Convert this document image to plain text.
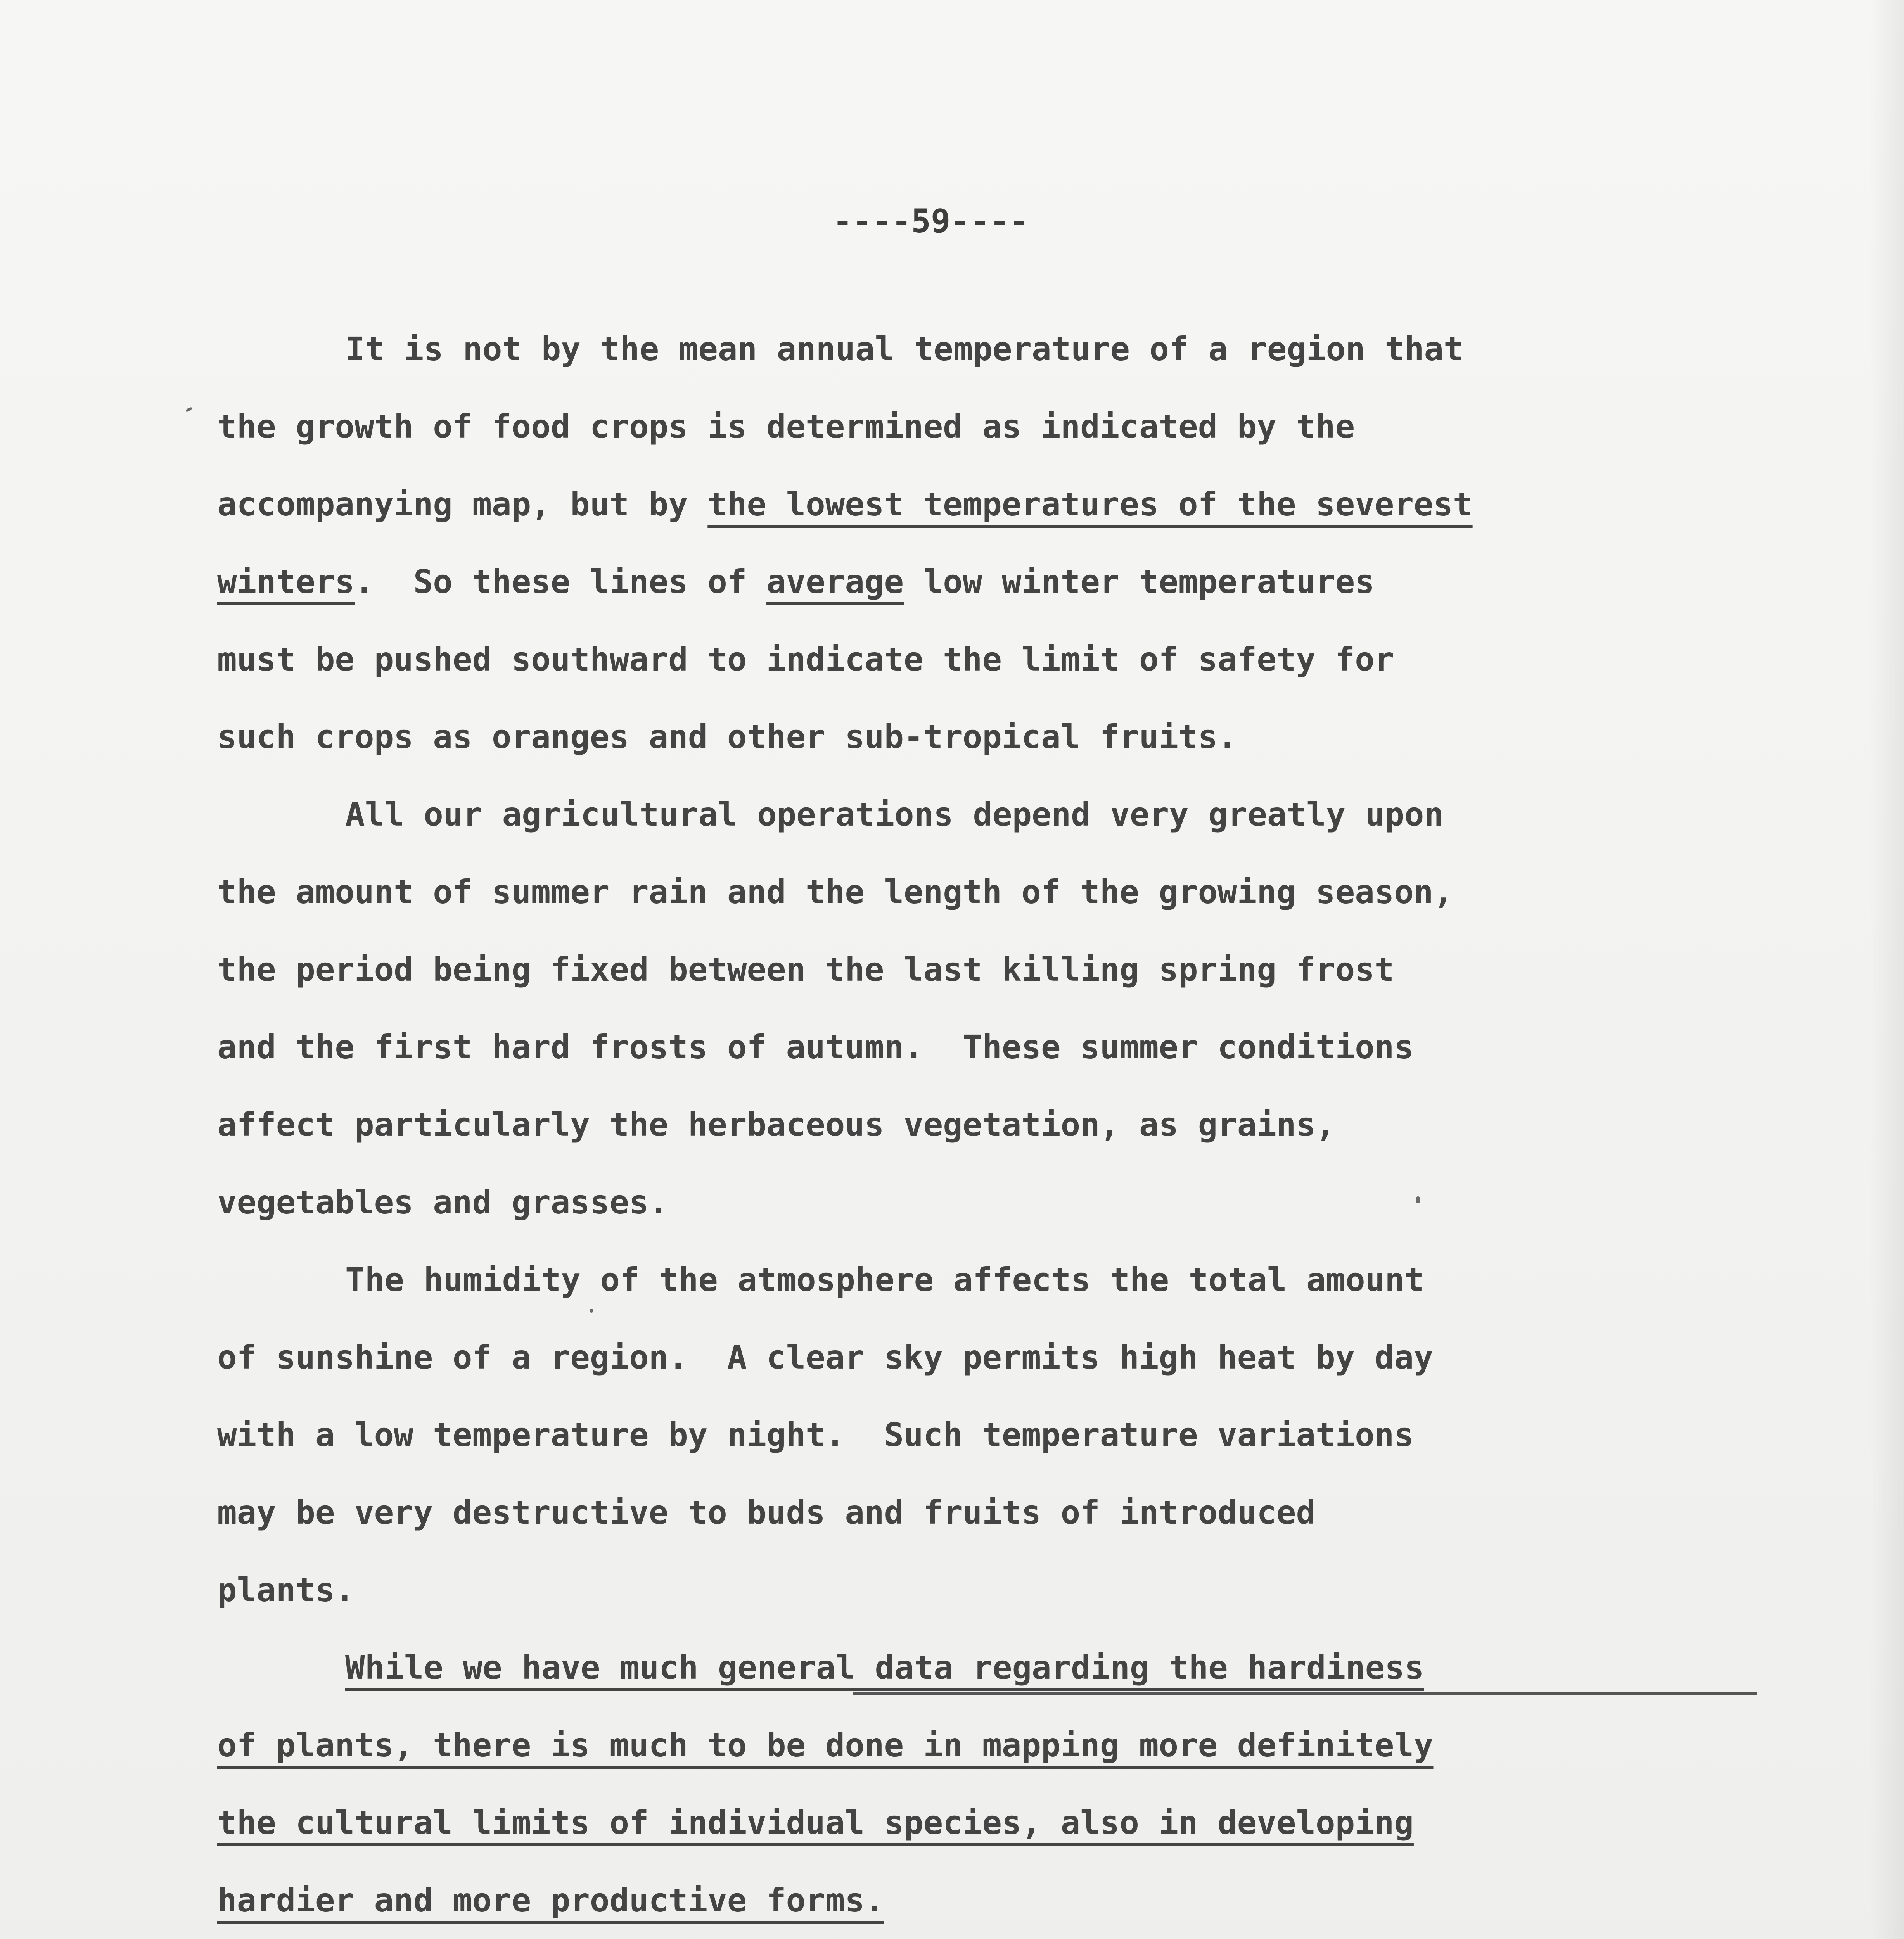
----59----
It is not by the mean annual temperature of a region that
the growth of food crops is determined as indicated by the
accompanying map, but by the lowest temperatures of the severest
winters.  So these lines of average low winter temperatures
must be pushed southward to indicate the limit of safety for
such crops as oranges and other sub-tropical fruits.
All our agricultural operations depend very greatly upon
the amount of summer rain and the length of the growing season,
the period being fixed between the last killing spring frost
and the first hard frosts of autumn.  These summer conditions
affect particularly the herbaceous vegetation, as grains,
vegetables and grasses.
The humidity of the atmosphere affects the total amount
of sunshine of a region.  A clear sky permits high heat by day
with a low temperature by night.  Such temperature variations
may be very destructive to buds and fruits of introduced
plants.
While we have much general data regarding the hardiness
of plants, there is much to be done in mapping more definitely
the cultural limits of individual species, also in developing
hardier and more productive forms.
